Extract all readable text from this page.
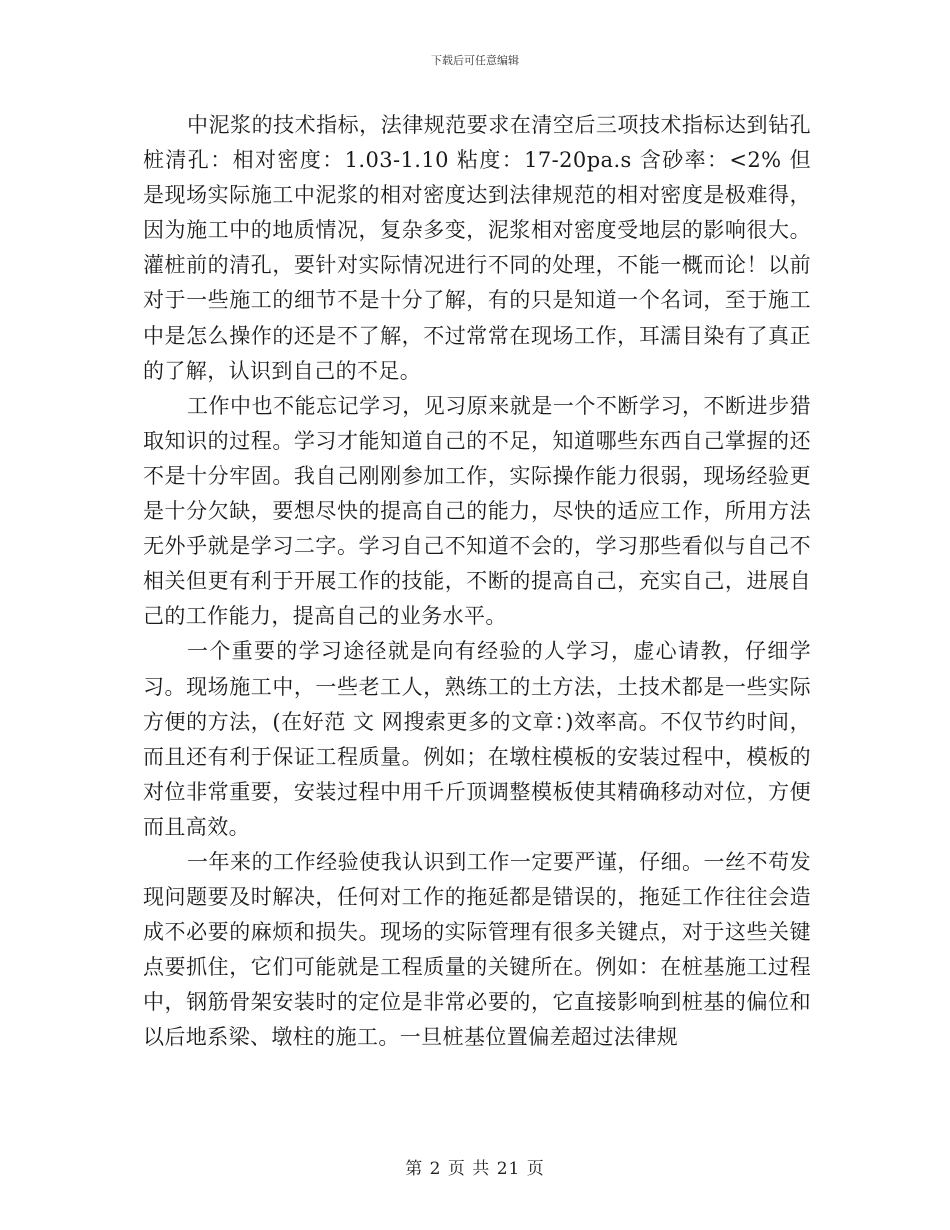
下载后可任意编辑

中泥浆的技术指标，法律规范要求在清空后三项技术指标达到钻孔桩清孔：相对密度：1.03-1.10 粘度：17-20pa.s 含砂率：<2% 但是现场实际施工中泥浆的相对密度达到法律规范的相对密度是极难得，因为施工中的地质情况，复杂多变，泥浆相对密度受地层的影响很大。灌桩前的清孔，要针对实际情况进行不同的处理，不能一概而论！以前对于一些施工的细节不是十分了解，有的只是知道一个名词，至于施工中是怎么操作的还是不了解，不过常常在现场工作，耳濡目染有了真正的了解，认识到自己的不足。

工作中也不能忘记学习，见习原来就是一个不断学习，不断进步猎取知识的过程。学习才能知道自己的不足，知道哪些东西自己掌握的还不是十分牢固。我自己刚刚参加工作，实际操作能力很弱，现场经验更是十分欠缺，要想尽快的提高自己的能力，尽快的适应工作，所用方法无外乎就是学习二字。学习自己不知道不会的，学习那些看似与自己不相关但更有利于开展工作的技能，不断的提高自己，充实自己，进展自己的工作能力，提高自己的业务水平。

一个重要的学习途径就是向有经验的人学习，虚心请教，仔细学习。现场施工中，一些老工人，熟练工的土方法，土技术都是一些实际方便的方法，(在好范 文 网搜索更多的文章：)效率高。不仅节约时间，而且还有利于保证工程质量。例如；在墩柱模板的安装过程中，模板的对位非常重要，安装过程中用千斤顶调整模板使其精确移动对位，方便而且高效。

一年来的工作经验使我认识到工作一定要严谨，仔细。一丝不苟发现问题要及时解决，任何对工作的拖延都是错误的，拖延工作往往会造成不必要的麻烦和损失。现场的实际管理有很多关键点，对于这些关键点要抓住，它们可能就是工程质量的关键所在。例如：在桩基施工过程中，钢筋骨架安装时的定位是非常必要的，它直接影响到桩基的偏位和以后地系梁、墩柱的施工。一旦桩基位置偏差超过法律规

第 2 页 共 21 页
